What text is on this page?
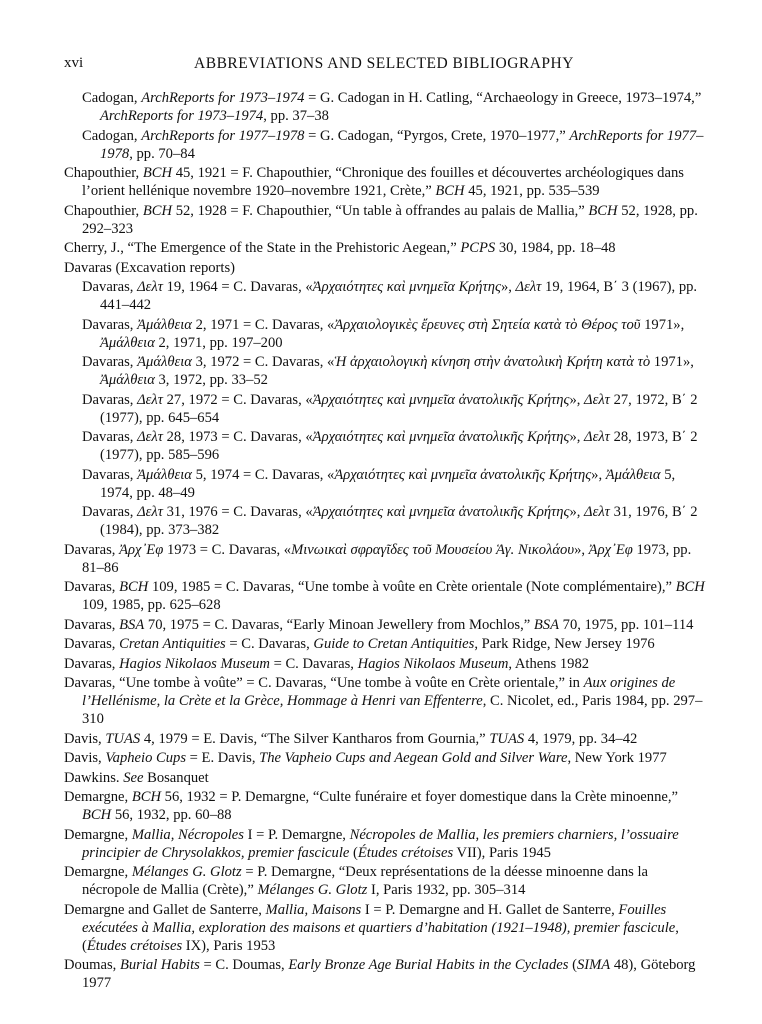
xvi	ABBREVIATIONS AND SELECTED BIBLIOGRAPHY

Cadogan, ArchReports for 1973–1974 = G. Cadogan in H. Catling, “Archaeology in Greece, 1973–1974,” ArchReports for 1973–1974, pp. 37–38

Cadogan, ArchReports for 1977–1978 = G. Cadogan, “Pyrgos, Crete, 1970–1977,” ArchReports for 1977–1978, pp. 70–84

Chapouthier, BCH 45, 1921 = F. Chapouthier, “Chronique des fouilles et découvertes archéologiques dans l’orient hellénique novembre 1920–novembre 1921, Crète,” BCH 45, 1921, pp. 535–539

Chapouthier, BCH 52, 1928 = F. Chapouthier, “Un table à offrandes au palais de Mallia,” BCH 52, 1928, pp. 292–323

Cherry, J., “The Emergence of the State in the Prehistoric Aegean,” PCPS 30, 1984, pp. 18–48

Davaras (Excavation reports)

Davaras, Δελτ 19, 1964 = C. Davaras, «Ἀρχαιότητες καὶ μνημεῖα Κρήτης», Δελτ 19, 1964, Β΄ 3 (1967), pp. 441–442

Davaras, Ἀμάλθεια 2, 1971 = C. Davaras, «Ἀρχαιολογικὲς ἔρευνες στὴ Σητεία κατὰ τὸ Θέρος τοῦ 1971», Ἀμάλθεια 2, 1971, pp. 197–200

Davaras, Ἀμάλθεια 3, 1972 = C. Davaras, «Ἡ ἀρχαιολογικὴ κίνηση στὴν ἀνατολικὴ Κρήτη κατὰ τὸ 1971», Ἀμάλθεια 3, 1972, pp. 33–52

Davaras, Δελτ 27, 1972 = C. Davaras, «Ἀρχαιότητες καὶ μνημεῖα ἀνατολικῆς Κρήτης», Δελτ 27, 1972, Β΄ 2 (1977), pp. 645–654

Davaras, Δελτ 28, 1973 = C. Davaras, «Ἀρχαιότητες καὶ μνημεῖα ἀνατολικῆς Κρήτης», Δελτ 28, 1973, Β΄ 2 (1977), pp. 585–596

Davaras, Ἀμάλθεια 5, 1974 = C. Davaras, «Ἀρχαιότητες καὶ μνημεῖα ἀνατολικῆς Κρήτης», Ἀμάλθεια 5, 1974, pp. 48–49

Davaras, Δελτ 31, 1976 = C. Davaras, «Ἀρχαιότητες καὶ μνημεῖα ἀνατολικῆς Κρήτης», Δελτ 31, 1976, Β΄ 2 (1984), pp. 373–382

Davaras, Ἀρχ᾽Εφ 1973 = C. Davaras, «Μινωικαὶ σφραγῖδες τοῦ Μουσείου Ἁγ. Νικολάου», Ἀρχ᾽Εφ 1973, pp. 81–86

Davaras, BCH 109, 1985 = C. Davaras, “Une tombe à voûte en Crète orientale (Note complémentaire),” BCH 109, 1985, pp. 625–628

Davaras, BSA 70, 1975 = C. Davaras, “Early Minoan Jewellery from Mochlos,” BSA 70, 1975, pp. 101–114

Davaras, Cretan Antiquities = C. Davaras, Guide to Cretan Antiquities, Park Ridge, New Jersey 1976

Davaras, Hagios Nikolaos Museum = C. Davaras, Hagios Nikolaos Museum, Athens 1982

Davaras, “Une tombe à voûte” = C. Davaras, “Une tombe à voûte en Crète orientale,” in Aux origines de l’Hellénisme, la Crète et la Grèce, Hommage à Henri van Effenterre, C. Nicolet, ed., Paris 1984, pp. 297–310

Davis, TUAS 4, 1979 = E. Davis, “The Silver Kantharos from Gournia,” TUAS 4, 1979, pp. 34–42

Davis, Vapheio Cups = E. Davis, The Vapheio Cups and Aegean Gold and Silver Ware, New York 1977

Dawkins. See Bosanquet

Demargne, BCH 56, 1932 = P. Demargne, “Culte funéraire et foyer domestique dans la Crète minoenne,” BCH 56, 1932, pp. 60–88

Demargne, Mallia, Nécropoles I = P. Demargne, Nécropoles de Mallia, les premiers charniers, l’ossuaire principier de Chrysolakkos, premier fascicule (Études crétoises VII), Paris 1945

Demargne, Mélanges G. Glotz = P. Demargne, “Deux représentations de la déesse minoenne dans la nécropole de Mallia (Crète),” Mélanges G. Glotz I, Paris 1932, pp. 305–314

Demargne and Gallet de Santerre, Mallia, Maisons I = P. Demargne and H. Gallet de Santerre, Fouilles exécutées à Mallia, exploration des maisons et quartiers d’habitation (1921–1948), premier fascicule, (Études crétoises IX), Paris 1953

Doumas, Burial Habits = C. Doumas, Early Bronze Age Burial Habits in the Cyclades (SIMA 48), Göteborg 1977
